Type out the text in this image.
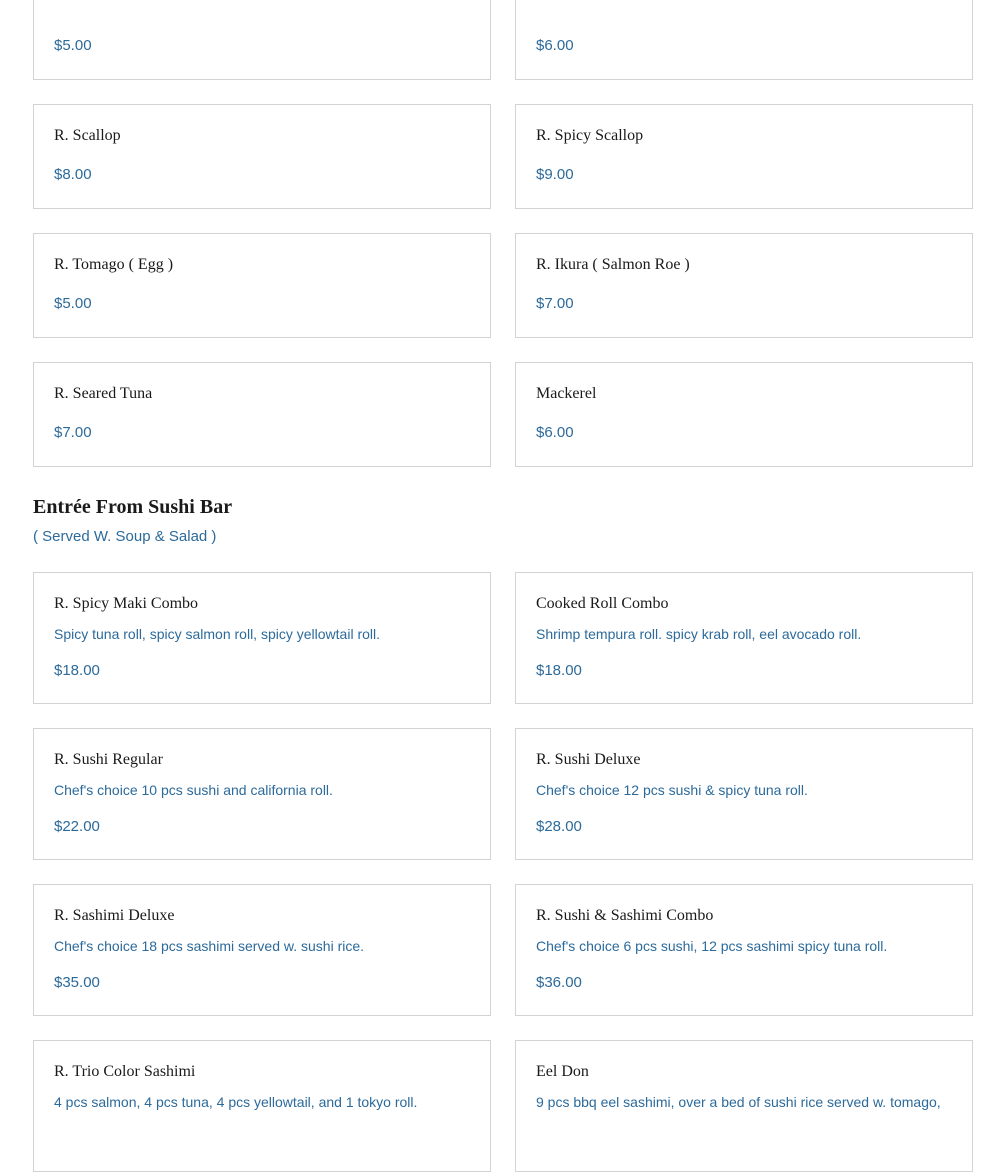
$5.00	$6.00
R. Scallop
$8.00
R. Spicy Scallop
$9.00
R. Tomago ( Egg )
$5.00
R. Ikura ( Salmon Roe )
$7.00
R. Seared Tuna
$7.00
Mackerel
$6.00
Entrée From Sushi Bar
( Served W. Soup & Salad )
R. Spicy Maki Combo
Spicy tuna roll, spicy salmon roll, spicy yellowtail roll.
$18.00
Cooked Roll Combo
Shrimp tempura roll. spicy krab roll, eel avocado roll.
$18.00
R. Sushi Regular
Chef's choice 10 pcs sushi and california roll.
$22.00
R. Sushi Deluxe
Chef's choice 12 pcs sushi & spicy tuna roll.
$28.00
R. Sashimi Deluxe
Chef's choice 18 pcs sashimi served w. sushi rice.
$35.00
R. Sushi & Sashimi Combo
Chef's choice 6 pcs sushi, 12 pcs sashimi spicy tuna roll.
$36.00
R. Trio Color Sashimi
4 pcs salmon, 4 pcs tuna, 4 pcs yellowtail, and 1 tokyo roll.
Eel Don
9 pcs bbq eel sashimi, over a bed of sushi rice served w. tomago,
